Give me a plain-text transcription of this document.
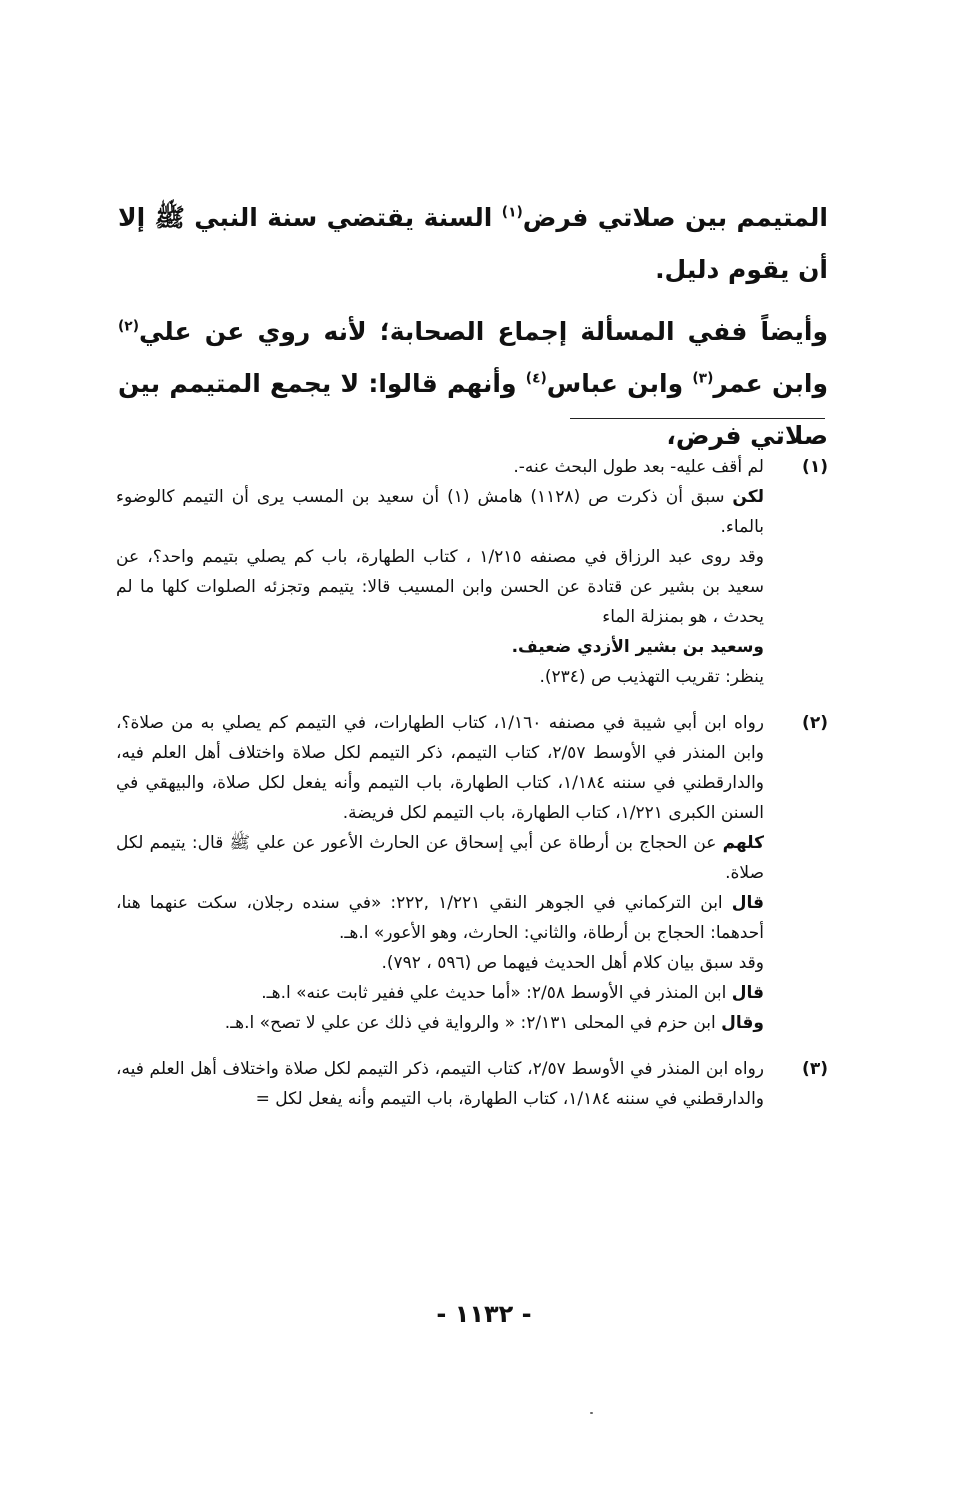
المتيمم بين صلاتي فرض$^{(١)}$ السنة يقتضي سنة النبي ﷺ إلا أن يقوم دليل.

وأيضاً ففي المسألة إجماع الصحابة؛ لأنه روي عن علي$^{(٢)}$ وابن عمر$^{(٣)}$ وابن عباس$^{(٤)}$ وأنهم قالوا: لا يجمع المتيمم بين صلاتي فرض،

(١)

لم أقف عليه- بعد طول البحث عنه-.

لكن سبق أن ذكرت ص (١١٢٨) هامش (١) أن سعيد بن المسب يرى أن التيمم كالوضوء بالماء.

وقد روى عبد الرزاق في مصنفه ١/٢١٥ ، كتاب الطهارة، باب كم يصلي بتيمم واحد؟، عن سعيد بن بشير عن قتادة عن الحسن وابن المسيب قالا: يتيمم وتجزئه الصلوات كلها ما لم يحدث ، هو بمنزلة الماء

وسعيد بن بشير الأزدي ضعيف.

ينظر: تقريب التهذيب ص (٢٣٤).

(٢)

رواه ابن أبي شيبة في مصنفه ١/١٦٠، كتاب الطهارات، في التيمم كم يصلي به من صلاة؟، وابن المنذر في الأوسط ٢/٥٧، كتاب التيمم، ذكر التيمم لكل صلاة واختلاف أهل العلم فيه، والدارقطني في سننه ١/١٨٤، كتاب الطهارة، باب التيمم وأنه يفعل لكل صلاة، والبيهقي في السنن الكبرى ١/٢٢١، كتاب الطهارة، باب التيمم لكل فريضة.

كلهم عن الحجاج بن أرطاة عن أبي إسحاق عن الحارث الأعور عن علي ﷺ قال: يتيمم لكل صلاة.

قال ابن التركماني في الجوهر النقي ١/٢٢١ ,٢٢٢: «في سنده رجلان، سكت عنهما هنا، أحدهما: الحجاج بن أرطاة، والثاني: الحارث، وهو الأعور» ا.هـ.

وقد سبق بيان كلام أهل الحديث فيهما ص (٥٩٦ ، ٧٩٢).

قال ابن المنذر في الأوسط ٢/٥٨: «أما حديث علي ففير ثابت عنه» ا.هـ.

وقال ابن حزم في المحلى ٢/١٣١: « والرواية في ذلك عن علي لا تصح» ا.هـ.

(٣)

رواه ابن المنذر في الأوسط ٢/٥٧، كتاب التيمم، ذكر التيمم لكل صلاة واختلاف أهل العلم فيه، والدارقطني في سننه ١/١٨٤، كتاب الطهارة، باب التيمم وأنه يفعل لكل =

- ١١٣٢ -
